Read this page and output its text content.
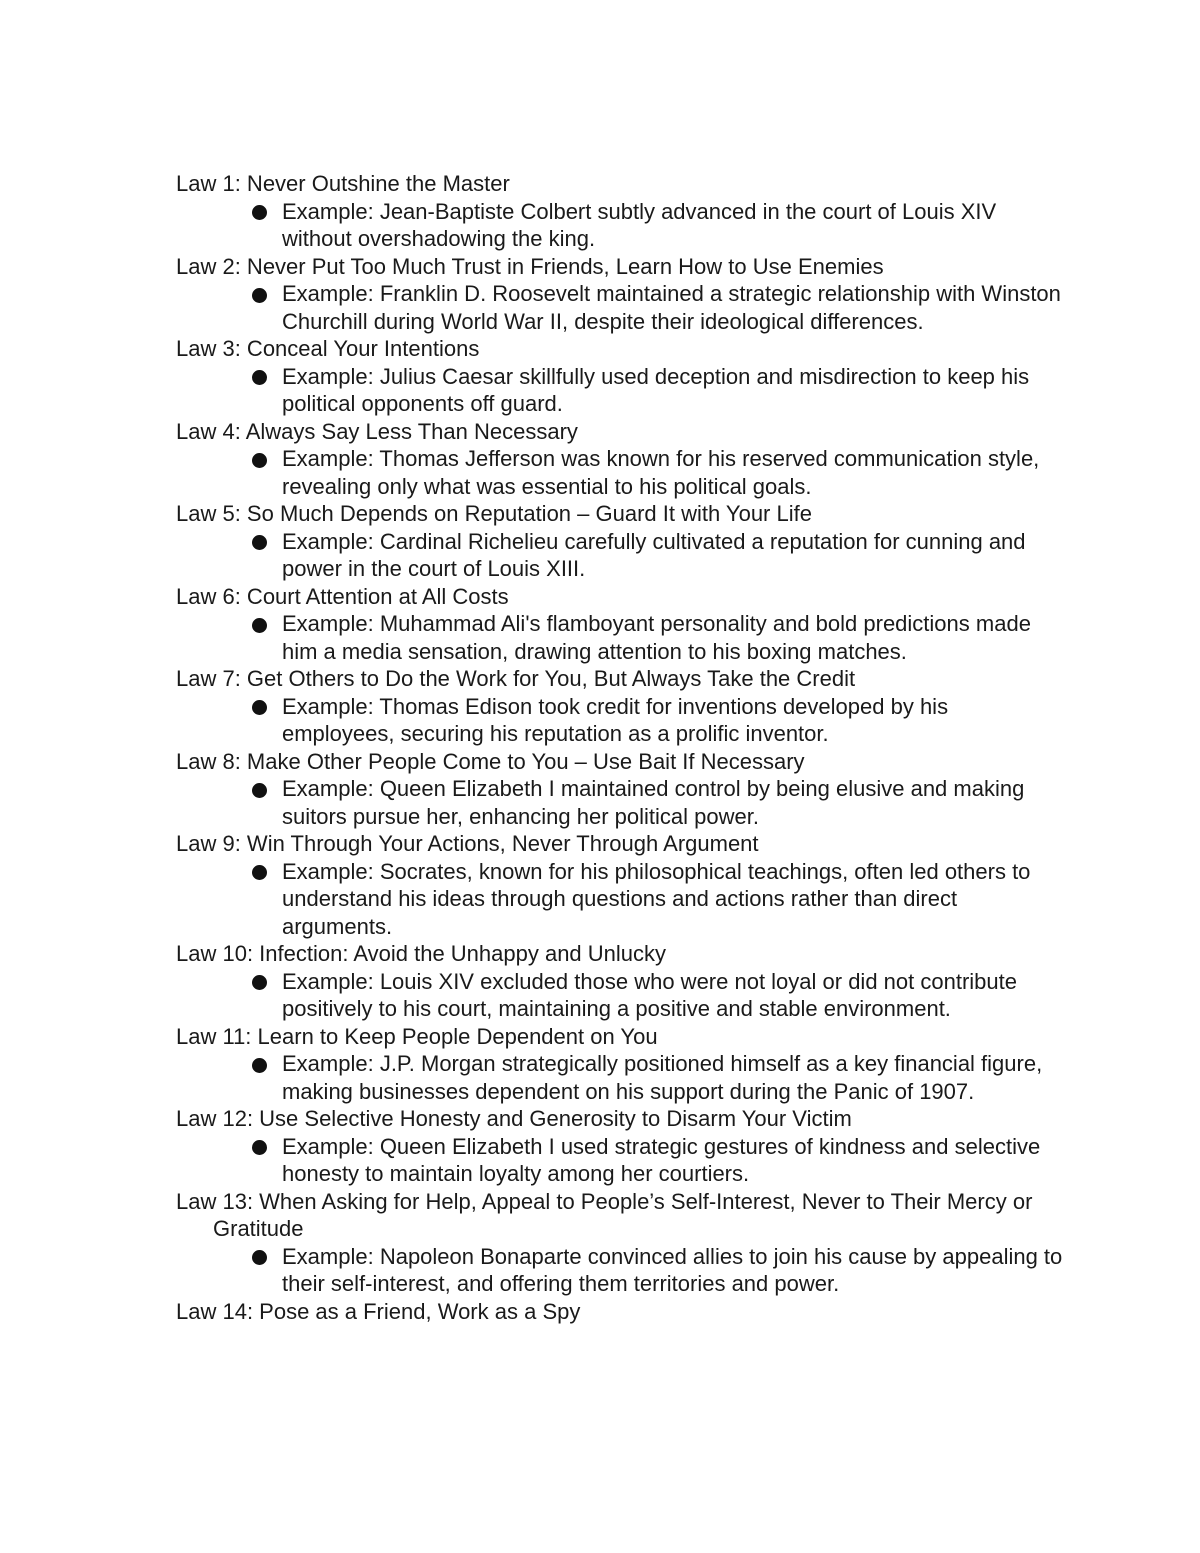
Law 1: Never Outshine the Master

Example: Jean-Baptiste Colbert subtly advanced in the court of Louis XIV without overshadowing the king.

Law 2: Never Put Too Much Trust in Friends, Learn How to Use Enemies

Example: Franklin D. Roosevelt maintained a strategic relationship with Winston Churchill during World War II, despite their ideological differences.

Law 3: Conceal Your Intentions

Example: Julius Caesar skillfully used deception and misdirection to keep his political opponents off guard.

Law 4: Always Say Less Than Necessary

Example: Thomas Jefferson was known for his reserved communication style, revealing only what was essential to his political goals.

Law 5: So Much Depends on Reputation – Guard It with Your Life

Example: Cardinal Richelieu carefully cultivated a reputation for cunning and power in the court of Louis XIII.

Law 6: Court Attention at All Costs

Example: Muhammad Ali's flamboyant personality and bold predictions made him a media sensation, drawing attention to his boxing matches.

Law 7: Get Others to Do the Work for You, But Always Take the Credit

Example: Thomas Edison took credit for inventions developed by his employees, securing his reputation as a prolific inventor.

Law 8: Make Other People Come to You – Use Bait If Necessary

Example: Queen Elizabeth I maintained control by being elusive and making suitors pursue her, enhancing her political power.

Law 9: Win Through Your Actions, Never Through Argument

Example: Socrates, known for his philosophical teachings, often led others to understand his ideas through questions and actions rather than direct arguments.

Law 10: Infection: Avoid the Unhappy and Unlucky

Example: Louis XIV excluded those who were not loyal or did not contribute positively to his court, maintaining a positive and stable environment.

Law 11: Learn to Keep People Dependent on You

Example: J.P. Morgan strategically positioned himself as a key financial figure, making businesses dependent on his support during the Panic of 1907.

Law 12: Use Selective Honesty and Generosity to Disarm Your Victim

Example: Queen Elizabeth I used strategic gestures of kindness and selective honesty to maintain loyalty among her courtiers.

Law 13: When Asking for Help, Appeal to People’s Self-Interest, Never to Their Mercy or Gratitude

Example: Napoleon Bonaparte convinced allies to join his cause by appealing to their self-interest, and offering them territories and power.

Law 14: Pose as a Friend, Work as a Spy
